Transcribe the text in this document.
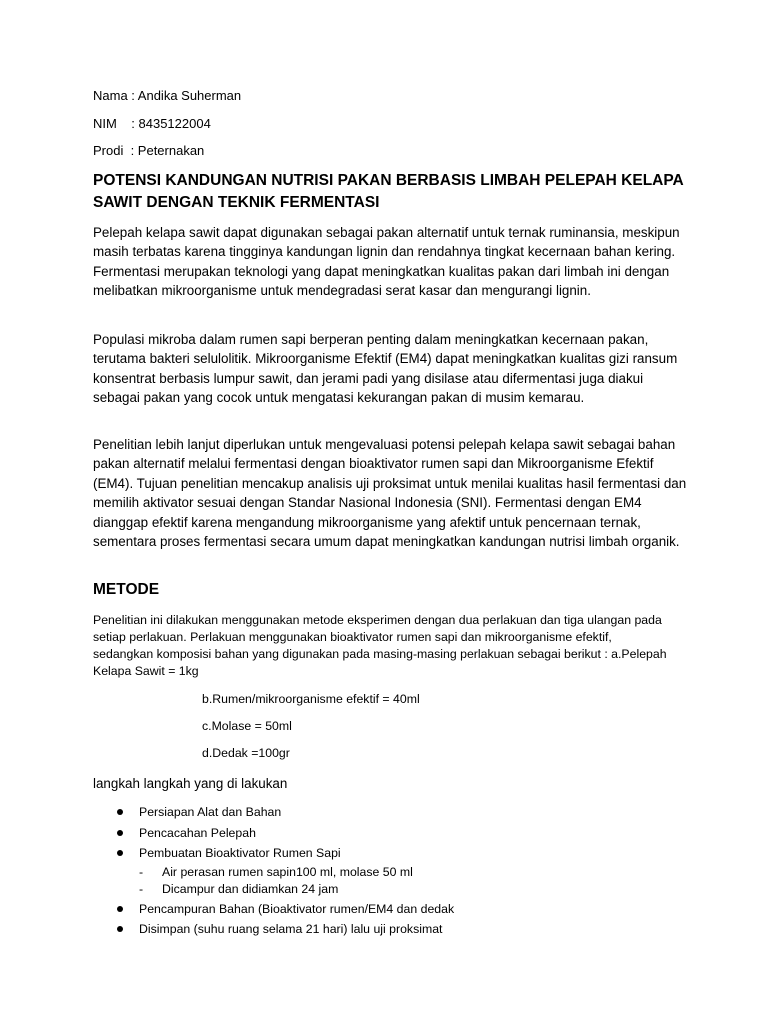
Nama : Andika Suherman

NIM    : 8435122004

Prodi  : Peternakan

POTENSI KANDUNGAN NUTRISI PAKAN BERBASIS LIMBAH PELEPAH KELAPA SAWIT DENGAN TEKNIK FERMENTASI

Pelepah kelapa sawit dapat digunakan sebagai pakan alternatif untuk ternak ruminansia, meskipun masih terbatas karena tingginya kandungan lignin dan rendahnya tingkat kecernaan bahan kering. Fermentasi merupakan teknologi yang dapat meningkatkan kualitas pakan dari limbah ini dengan melibatkan mikroorganisme untuk mendegradasi serat kasar dan mengurangi lignin.

Populasi mikroba dalam rumen sapi berperan penting dalam meningkatkan kecernaan pakan, terutama bakteri selulolitik. Mikroorganisme Efektif (EM4) dapat meningkatkan kualitas gizi ransum konsentrat berbasis lumpur sawit, dan jerami padi yang disilase atau difermentasi juga diakui sebagai pakan yang cocok untuk mengatasi kekurangan pakan di musim kemarau.

Penelitian lebih lanjut diperlukan untuk mengevaluasi potensi pelepah kelapa sawit sebagai bahan pakan alternatif melalui fermentasi dengan bioaktivator rumen sapi dan Mikroorganisme Efektif (EM4). Tujuan penelitian mencakup analisis uji proksimat untuk menilai kualitas hasil fermentasi dan memilih aktivator sesuai dengan Standar Nasional Indonesia (SNI). Fermentasi dengan EM4 dianggap efektif karena mengandung mikroorganisme yang afektif untuk pencernaan ternak, sementara proses fermentasi secara umum dapat meningkatkan kandungan nutrisi limbah organik.

METODE

Penelitian ini dilakukan menggunakan metode eksperimen dengan dua perlakuan dan tiga ulangan pada setiap perlakuan. Perlakuan menggunakan bioaktivator rumen sapi dan mikroorganisme efektif, sedangkan komposisi bahan yang digunakan pada masing-masing perlakuan sebagai berikut : a.Pelepah Kelapa Sawit = 1kg

b.Rumen/mikroorganisme efektif = 40ml

c.Molase = 50ml

d.Dedak =100gr

langkah langkah yang di lakukan

Persiapan Alat dan Bahan
Pencacahan Pelepah
Pembuatan Bioaktivator Rumen Sapi
- Air perasan rumen sapin100 ml, molase 50 ml
- Dicampur dan didiamkan 24 jam
Pencampuran Bahan (Bioaktivator rumen/EM4 dan dedak
Disimpan (suhu ruang selama 21 hari) lalu uji proksimat
